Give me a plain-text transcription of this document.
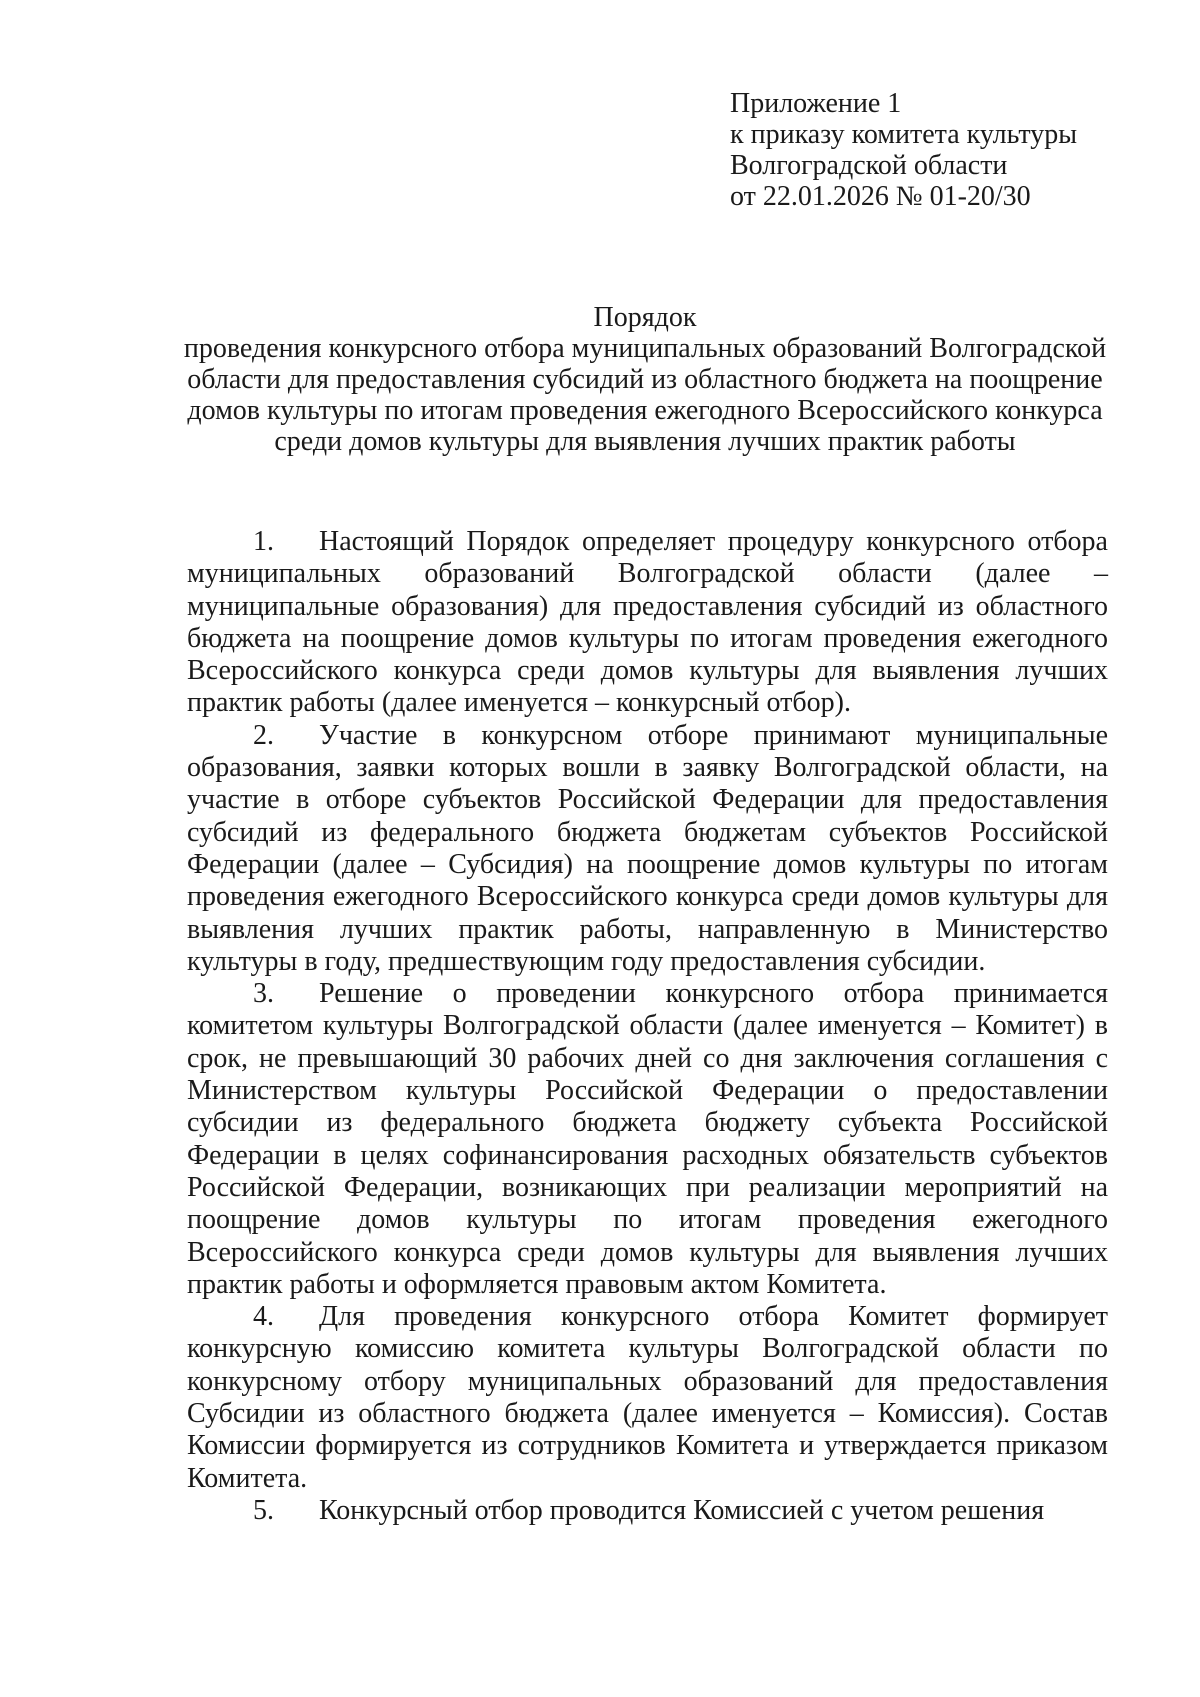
Приложение 1
к приказу комитета культуры
Волгоградской области
от 22.01.2026 № 01-20/30
Порядок
проведения конкурсного отбора муниципальных образований Волгоградской области для предоставления субсидий из областного бюджета на поощрение домов культуры по итогам проведения ежегодного Всероссийского конкурса среди домов культуры для выявления лучших практик работы

1. Настоящий Порядок определяет процедуру конкурсного отбора муниципальных образований Волгоградской области (далее – муниципальные образования) для предоставления субсидий из областного бюджета на поощрение домов культуры по итогам проведения ежегодного Всероссийского конкурса среди домов культуры для выявления лучших практик работы (далее именуется – конкурсный отбор).

2. Участие в конкурсном отборе принимают муниципальные образования, заявки которых вошли в заявку Волгоградской области, на участие в отборе субъектов Российской Федерации для предоставления субсидий из федерального бюджета бюджетам субъектов Российской Федерации (далее – Субсидия) на поощрение домов культуры по итогам проведения ежегодного Всероссийского конкурса среди домов культуры для выявления лучших практик работы, направленную в Министерство культуры в году, предшествующим году предоставления субсидии.

3. Решение о проведении конкурсного отбора принимается комитетом культуры Волгоградской области (далее именуется – Комитет) в срок, не превышающий 30 рабочих дней со дня заключения соглашения с Министерством культуры Российской Федерации о предоставлении субсидии из федерального бюджета бюджету субъекта Российской Федерации в целях софинансирования расходных обязательств субъектов Российской Федерации, возникающих при реализации мероприятий на поощрение домов культуры по итогам проведения ежегодного Всероссийского конкурса среди домов культуры для выявления лучших практик работы и оформляется правовым актом Комитета.

4. Для проведения конкурсного отбора Комитет формирует конкурсную комиссию комитета культуры Волгоградской области по конкурсному отбору муниципальных образований для предоставления Субсидии из областного бюджета (далее именуется – Комиссия). Состав Комиссии формируется из сотрудников Комитета и утверждается приказом Комитета.

5. Конкурсный отбор проводится Комиссией с учетом решения
